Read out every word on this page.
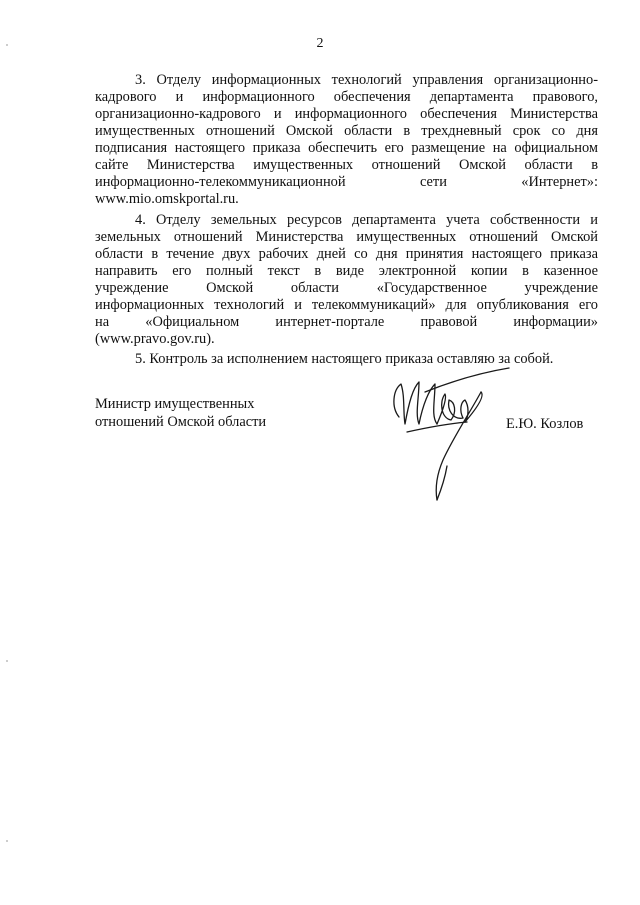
2
3. Отделу информационных технологий управления организационно-
кадрового и информационного обеспечения департамента правового,
организационно-кадрового и информационного обеспечения Министерства
имущественных отношений Омской области в трехдневный срок со дня
подписания настоящего приказа обеспечить его размещение на официальном
сайте Министерства имущественных отношений Омской области в
информационно-телекоммуникационной сети «Интернет»:
www.mio.omskportal.ru.
4. Отделу земельных ресурсов департамента учета собственности и
земельных отношений Министерства имущественных отношений Омской
области в течение двух рабочих дней со дня принятия настоящего приказа
направить его полный текст в виде электронной копии в казенное
учреждение Омской области «Государственное учреждение
информационных технологий и телекоммуникаций» для опубликования его
на «Официальном интернет-портале правовой информации»
(www.pravo.gov.ru).
5. Контроль за исполнением настоящего приказа оставляю за собой.
Министр имущественных
отношений Омской области	Е.Ю. Козлов
